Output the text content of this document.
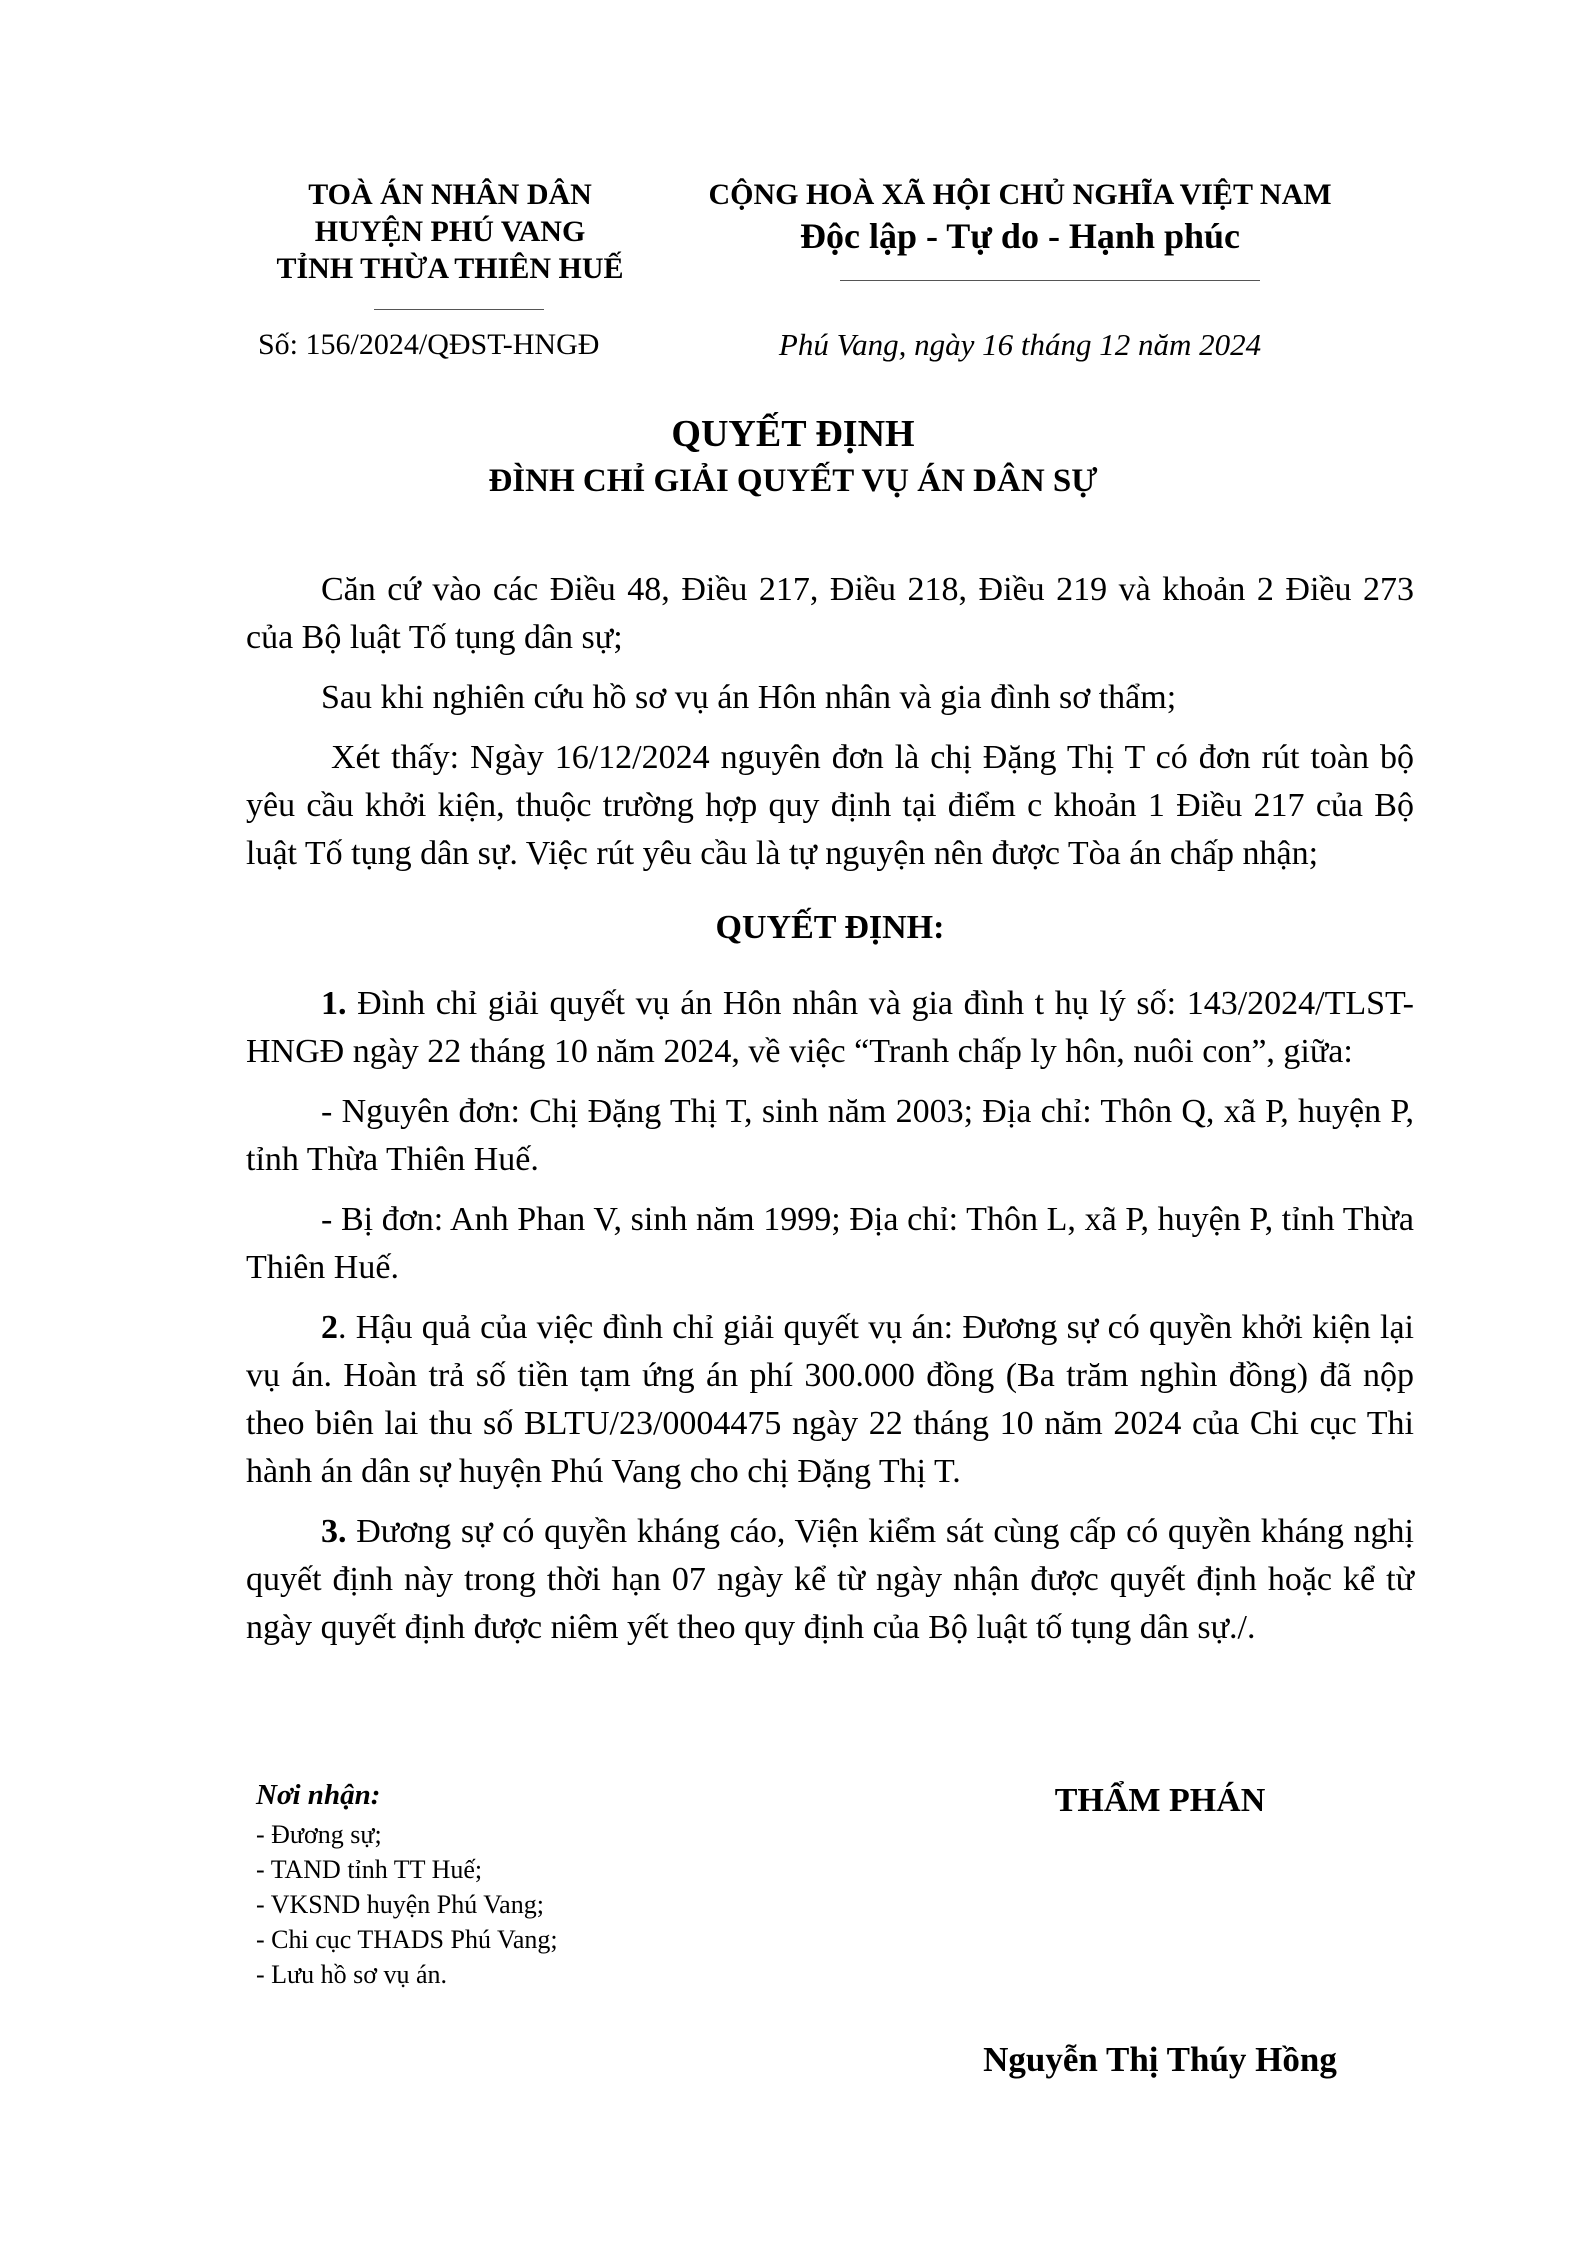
TOÀ ÁN NHÂN DÂN
HUYỆN PHÚ VANG
TỈNH THỪA THIÊN HUẾ
CỘNG HOÀ XÃ HỘI CHỦ NGHĨA VIỆT NAM
Độc lập - Tự do - Hạnh phúc
Số: 156/2024/QĐST-HNGĐ	Phú Vang, ngày 16 tháng 12 năm 2024
QUYẾT ĐỊNH
ĐÌNH CHỈ GIẢI QUYẾT VỤ ÁN DÂN SỰ

Căn cứ vào các Điều 48, Điều 217, Điều 218, Điều 219 và khoản 2 Điều 273 của Bộ luật Tố tụng dân sự;

Sau khi nghiên cứu hồ sơ vụ án Hôn nhân và gia đình sơ thẩm;

Xét thấy: Ngày 16/12/2024 nguyên đơn là chị Đặng Thị T có đơn rút toàn bộ yêu cầu khởi kiện, thuộc trường hợp quy định tại điểm c khoản 1 Điều 217 của Bộ luật Tố tụng dân sự. Việc rút yêu cầu là tự nguyện nên được Tòa án chấp nhận;

QUYẾT ĐỊNH:

1. Đình chỉ giải quyết vụ án Hôn nhân và gia đình t hụ lý số: 143/2024/TLST-HNGĐ ngày 22 tháng 10 năm 2024, về việc “Tranh chấp ly hôn, nuôi con”, giữa:

- Nguyên đơn: Chị Đặng Thị T, sinh năm 2003; Địa chỉ: Thôn Q, xã P, huyện P, tỉnh Thừa Thiên Huế.

- Bị đơn: Anh Phan V, sinh năm 1999; Địa chỉ: Thôn L, xã P, huyện P, tỉnh Thừa Thiên Huế.

2. Hậu quả của việc đình chỉ giải quyết vụ án: Đương sự có quyền khởi kiện lại vụ án. Hoàn trả số tiền tạm ứng án phí 300.000 đồng (Ba trăm nghìn đồng) đã nộp theo biên lai thu số BLTU/23/0004475 ngày 22 tháng 10 năm 2024 của Chi cục Thi hành án dân sự huyện Phú Vang cho chị Đặng Thị T.

3. Đương sự có quyền kháng cáo, Viện kiểm sát cùng cấp có quyền kháng nghị quyết định này trong thời hạn 07 ngày kể từ ngày nhận được quyết định hoặc kể từ ngày quyết định được niêm yết theo quy định của Bộ luật tố tụng dân sự./.

Nơi nhận:
- Đương sự;
- TAND tỉnh TT Huế;
- VKSND huyện Phú Vang;
- Chi cục THADS Phú Vang;
- Lưu hồ sơ vụ án.
THẨM PHÁN
Nguyễn Thị Thúy Hồng
